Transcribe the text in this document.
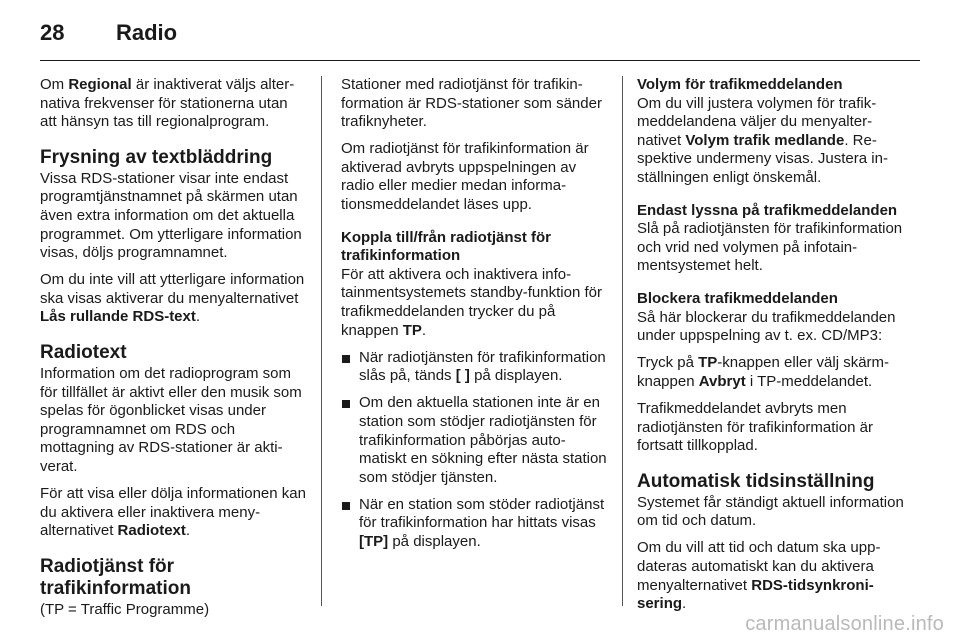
28 Radio

Om Regional är inaktiverat väljs alternativa frekvenser för stationerna utan att hänsyn tas till regionalprogram.

Frysning av textbläddring

Vissa RDS-stationer visar inte endast programtjänstnamnet på skärmen utan även extra information om det aktuella programmet. Om ytterligare information visas, döljs programnamnet.

Om du inte vill att ytterligare information ska visas aktiverar du menyalternativet Lås rullande RDS-text.

Radiotext

Information om det radioprogram som för tillfället är aktivt eller den musik som spelas för ögonblicket visas under programnamnet om RDS och mottagning av RDS-stationer är aktiverat.

För att visa eller dölja informationen kan du aktivera eller inaktivera menyalternativet Radiotext.

Radiotjänst för trafikinformation

(TP = Traffic Programme)

Stationer med radiotjänst för trafikinformation är RDS-stationer som sänder trafiknyheter.

Om radiotjänst för trafikinformation är aktiverad avbryts uppspelningen av radio eller medier medan informationsmeddelandet läses upp.

Koppla till/från radiotjänst för trafikinformation

För att aktivera och inaktivera infotainmentsystemets standby-funktion för trafikmeddelanden trycker du på knappen TP.

När radiotjänsten för trafikinformation slås på, tänds [ ] på displayen.
Om den aktuella stationen inte är en station som stödjer radiotjänsten för trafikinformation påbörjas automatiskt en sökning efter nästa station som stödjer tjänsten.
När en station som stöder radiotjänst för trafikinformation har hittats visas [TP] på displayen.
Volym för trafikmeddelanden

Om du vill justera volymen för trafikmeddelandena väljer du menyalternativet Volym trafik medlande. Respektive undermeny visas. Justera inställningen enligt önskemål.

Endast lyssna på trafikmeddelanden

Slå på radiotjänsten för trafikinformation och vrid ned volymen på infotainmentsystemet helt.

Blockera trafikmeddelanden

Så här blockerar du trafikmeddelanden under uppspelning av t. ex. CD/MP3:

Tryck på TP-knappen eller välj skärmknappen Avbryt i TP-meddelandet.

Trafikmeddelandet avbryts men radiotjänsten för trafikinformation är fortsatt tillkopplad.

Automatisk tidsinställning

Systemet får ständigt aktuell information om tid och datum.

Om du vill att tid och datum ska uppdateras automatiskt kan du aktivera menyalternativet RDS-tidsynkronisering.

carmanualsonline.info
